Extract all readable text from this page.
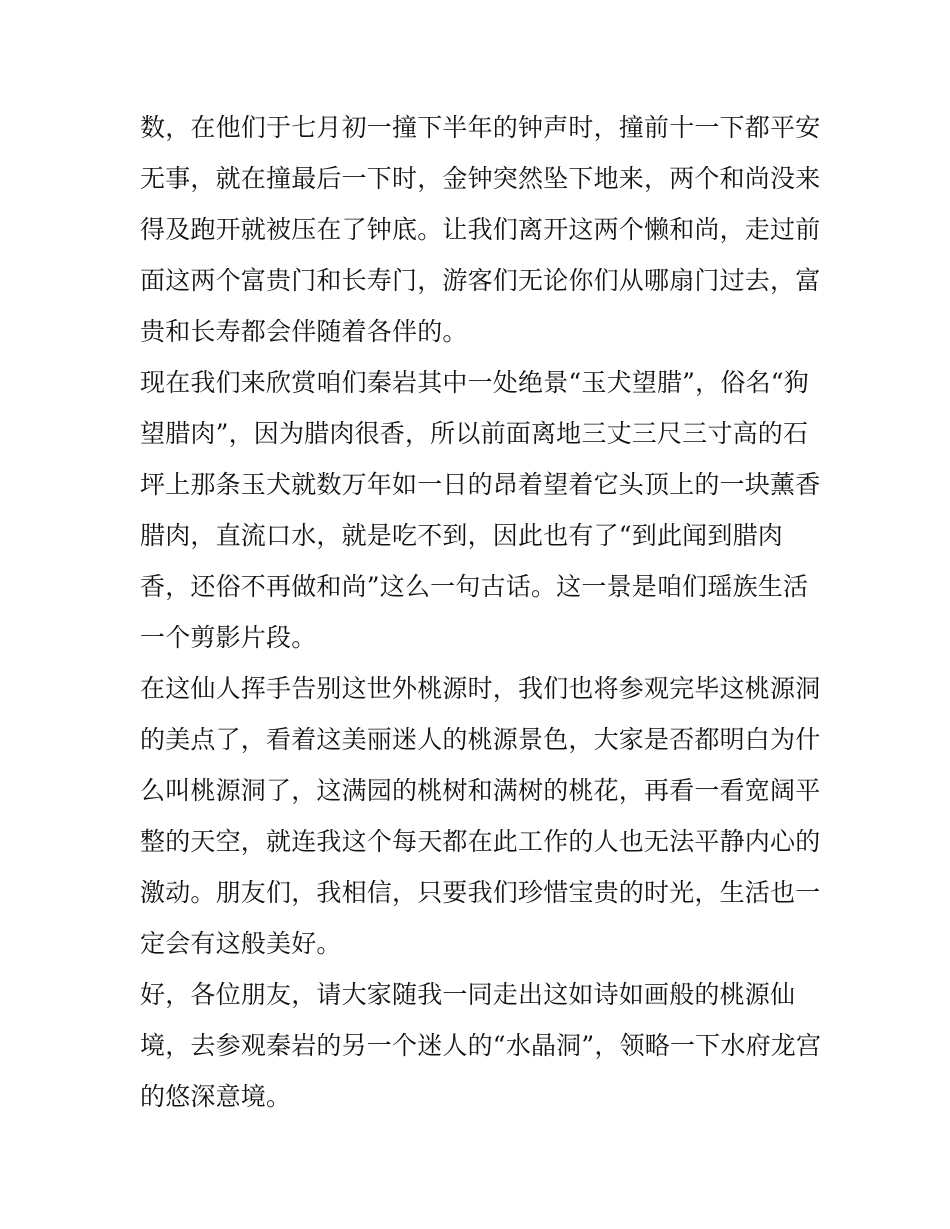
数，在他们于七月初一撞下半年的钟声时，撞前十一下都平安
无事，就在撞最后一下时，金钟突然坠下地来，两个和尚没来
得及跑开就被压在了钟底。让我们离开这两个懒和尚，走过前
面这两个富贵门和长寿门，游客们无论你们从哪扇门过去，富
贵和长寿都会伴随着各伴的。

现在我们来欣赏咱们秦岩其中一处绝景“玉犬望腊”，俗名“狗
望腊肉”，因为腊肉很香，所以前面离地三丈三尺三寸高的石
坪上那条玉犬就数万年如一日的昂着望着它头顶上的一块薰香
腊肉，直流口水，就是吃不到，因此也有了“到此闻到腊肉
香，还俗不再做和尚”这么一句古话。这一景是咱们瑶族生活
一个剪影片段。

在这仙人挥手告别这世外桃源时，我们也将参观完毕这桃源洞
的美点了，看着这美丽迷人的桃源景色，大家是否都明白为什
么叫桃源洞了，这满园的桃树和满树的桃花，再看一看宽阔平
整的天空，就连我这个每天都在此工作的人也无法平静内心的
激动。朋友们，我相信，只要我们珍惜宝贵的时光，生活也一
定会有这般美好。

好，各位朋友，请大家随我一同走出这如诗如画般的桃源仙
境，去参观秦岩的另一个迷人的“水晶洞”，领略一下水府龙宫
的悠深意境。
